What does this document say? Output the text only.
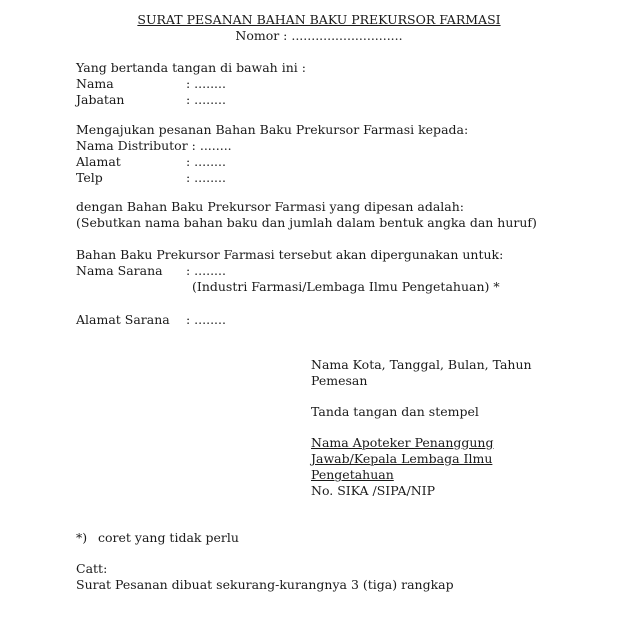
SURAT PESANAN BAHAN BAKU PREKURSOR FARMASI
Nomor : ............................
Yang bertanda tangan di bawah ini :
Nama	: ........
Jabatan	: ........
Mengajukan pesanan Bahan Baku Prekursor Farmasi kepada:
Nama Distributor : ........
Alamat	: ........
Telp	: ........
dengan Bahan Baku Prekursor Farmasi yang dipesan adalah:
(Sebutkan nama bahan baku dan jumlah dalam bentuk angka dan huruf)
Bahan Baku Prekursor Farmasi tersebut akan dipergunakan untuk:
Nama Sarana : ........
(Industri Farmasi/Lembaga Ilmu Pengetahuan) *
Alamat Sarana : ........
Nama Kota, Tanggal, Bulan, Tahun
Pemesan
Tanda tangan dan stempel
Nama Apoteker Penanggung Jawab/Kepala Lembaga Ilmu Pengetahuan
No. SIKA /SIPA/NIP
*) coret yang tidak perlu
Catt:
Surat Pesanan dibuat sekurang-kurangnya 3 (tiga) rangkap
